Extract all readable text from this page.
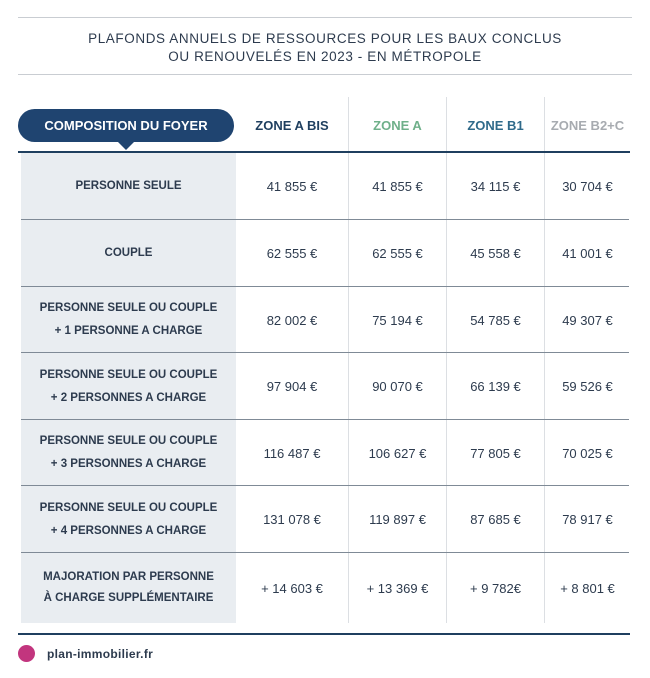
PLAFONDS ANNUELS DE RESSOURCES POUR LES BAUX CONCLUS
OU RENOUVELÉS EN 2023 - EN MÉTROPOLE
COMPOSITION DU FOYER	ZONE A BIS	ZONE A	ZONE B1	ZONE B2+C
PERSONNE SEULE	41 855 €	41 855 €	34 115 €	30 704 €
COUPLE	62 555 €	62 555 €	45 558 €	41 001 €
PERSONNE SEULE OU COUPLE
+ 1 PERSONNE A CHARGE
82 002 €	75 194 €	54 785 €	49 307 €
PERSONNE SEULE OU COUPLE
+ 2 PERSONNES A CHARGE
97 904 €	90 070 €	66 139 €	59 526 €
PERSONNE SEULE OU COUPLE
+ 3 PERSONNES A CHARGE
116 487 €	106 627 €	77 805 €	70 025 €
PERSONNE SEULE OU COUPLE
+ 4 PERSONNES A CHARGE
131 078 €	119 897 €	87 685 €	78 917 €
MAJORATION PAR PERSONNE
À CHARGE SUPPLÉMENTAIRE
+ 14 603 €	+ 13 369 €	+ 9 782€	+ 8 801 €
plan-immobilier.fr
